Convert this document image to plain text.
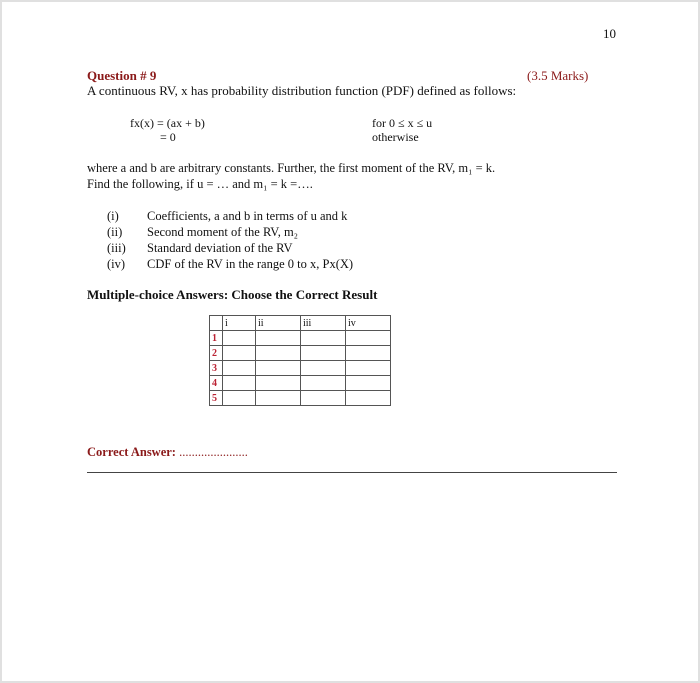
10
Question # 9	(3.5 Marks)
A continuous RV, x has probability distribution function (PDF) defined as follows:
fx(x) = (ax + b)	for 0 ≤ x ≤ u
= 0	otherwise
where a and b are arbitrary constants. Further, the first moment of the RV, m₁ = k.
Find the following, if u = … and m₁ = k =….
(i)	Coefficients, a and b in terms of u and k
(ii)	Second moment of the RV, m₂
(iii)	Standard deviation of the RV
(iv)	CDF of the RV in the range 0 to x, Px(X)
Multiple-choice Answers: Choose the Correct Result
	i	ii	iii	iv
1				
2				
3				
4				
5				
Correct Answer: ......................
